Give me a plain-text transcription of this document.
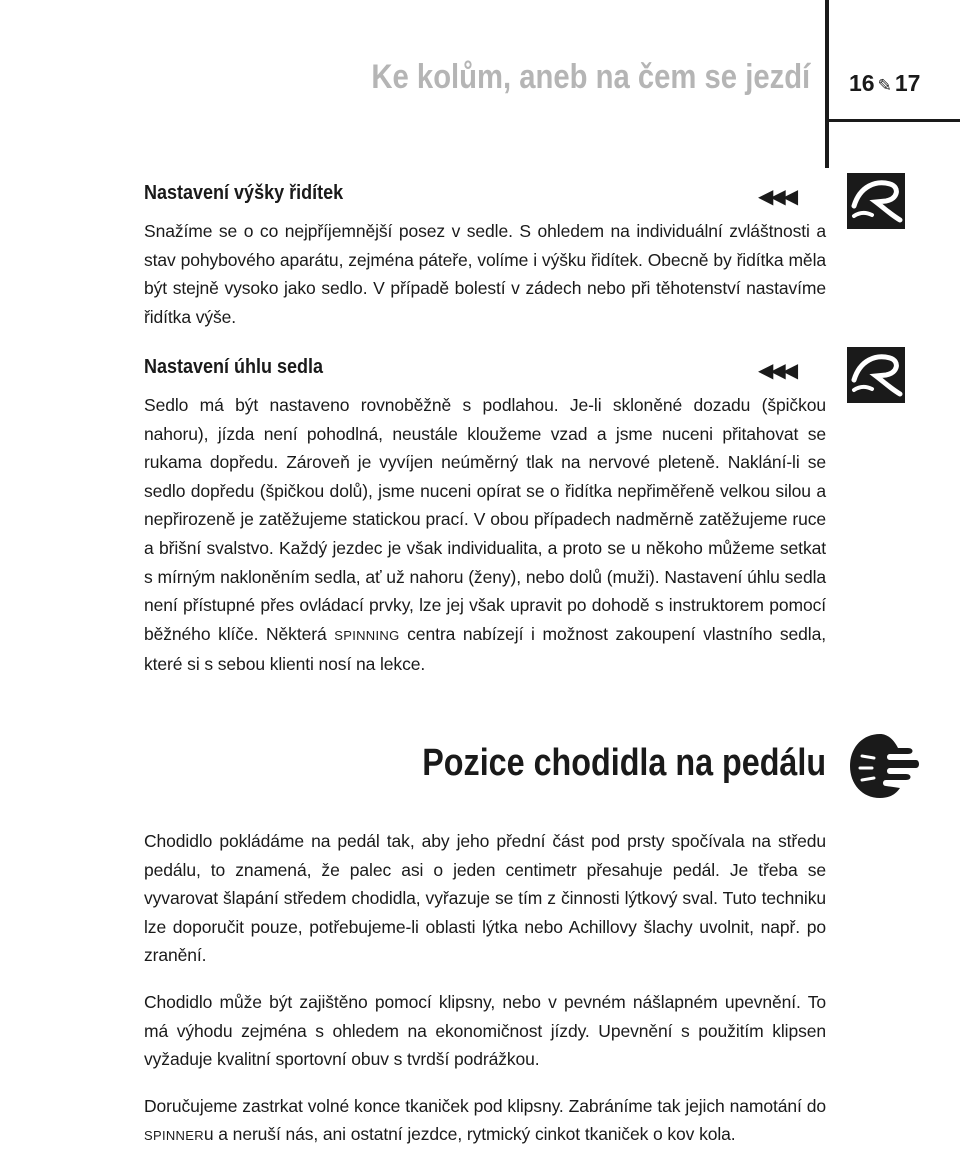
Ke kolům, aneb na čem se jezdí 16 ✎ 17
Nastavení výšky řidítek	◀◀◀

Snažíme se o co nejpříjemnější posez v sedle. S ohledem na individuální zvláštnosti a stav pohybového aparátu, zejména páteře, volíme i výšku řidítek. Obecně by řidítka měla být stejně vysoko jako sedlo. V případě bolestí v zádech nebo při těhotenství nastavíme řidítka výše.

Nastavení úhlu sedla	◀◀◀

Sedlo má být nastaveno rovnoběžně s podlahou. Je-li skloněné dozadu (špičkou nahoru), jízda není pohodlná, neustále kloužeme vzad a jsme nuceni přitahovat se rukama dopředu. Zároveň je vyvíjen neúměrný tlak na nervové pleteně. Naklání-li se sedlo dopředu (špičkou dolů), jsme nuceni opírat se o řidítka nepřiměřeně velkou silou a nepřirozeně je zatěžujeme statickou prací. V obou případech nadměrně zatěžujeme ruce a břišní svalstvo. Každý jezdec je však individualita, a proto se u někoho můžeme setkat s mírným nakloněním sedla, ať už nahoru (ženy), nebo dolů (muži). Nastavení úhlu sedla není přístupné přes ovládací prvky, lze jej však upravit po dohodě s instruktorem pomocí běžného klíče. Některá SPINNING centra nabízejí i možnost zakoupení vlastního sedla, které si s sebou klienti nosí na lekce.

Pozice chodidla na pedálu

Chodidlo pokládáme na pedál tak, aby jeho přední část pod prsty spočívala na středu pedálu, to znamená, že palec asi o jeden centimetr přesahuje pedál. Je třeba se vyvarovat šlapání středem chodidla, vyřazuje se tím z činnosti lýtkový sval. Tuto techniku lze doporučit pouze, potřebujeme-li oblasti lýtka nebo Achillovy šlachy uvolnit, např. po zranění.

Chodidlo může být zajištěno pomocí klipsny, nebo v pevném nášlapném upevnění. To má výhodu zejména s ohledem na ekonomičnost jízdy. Upevnění s použitím klipsen vyžaduje kvalitní sportovní obuv s tvrdší podrážkou.

Doručujeme zastrkat volné konce tkaniček pod klipsny. Zabráníme tak jejich namotání do SPINNERu a neruší nás, ani ostatní jezdce, rytmický cinkot tkaniček o kov kola.
